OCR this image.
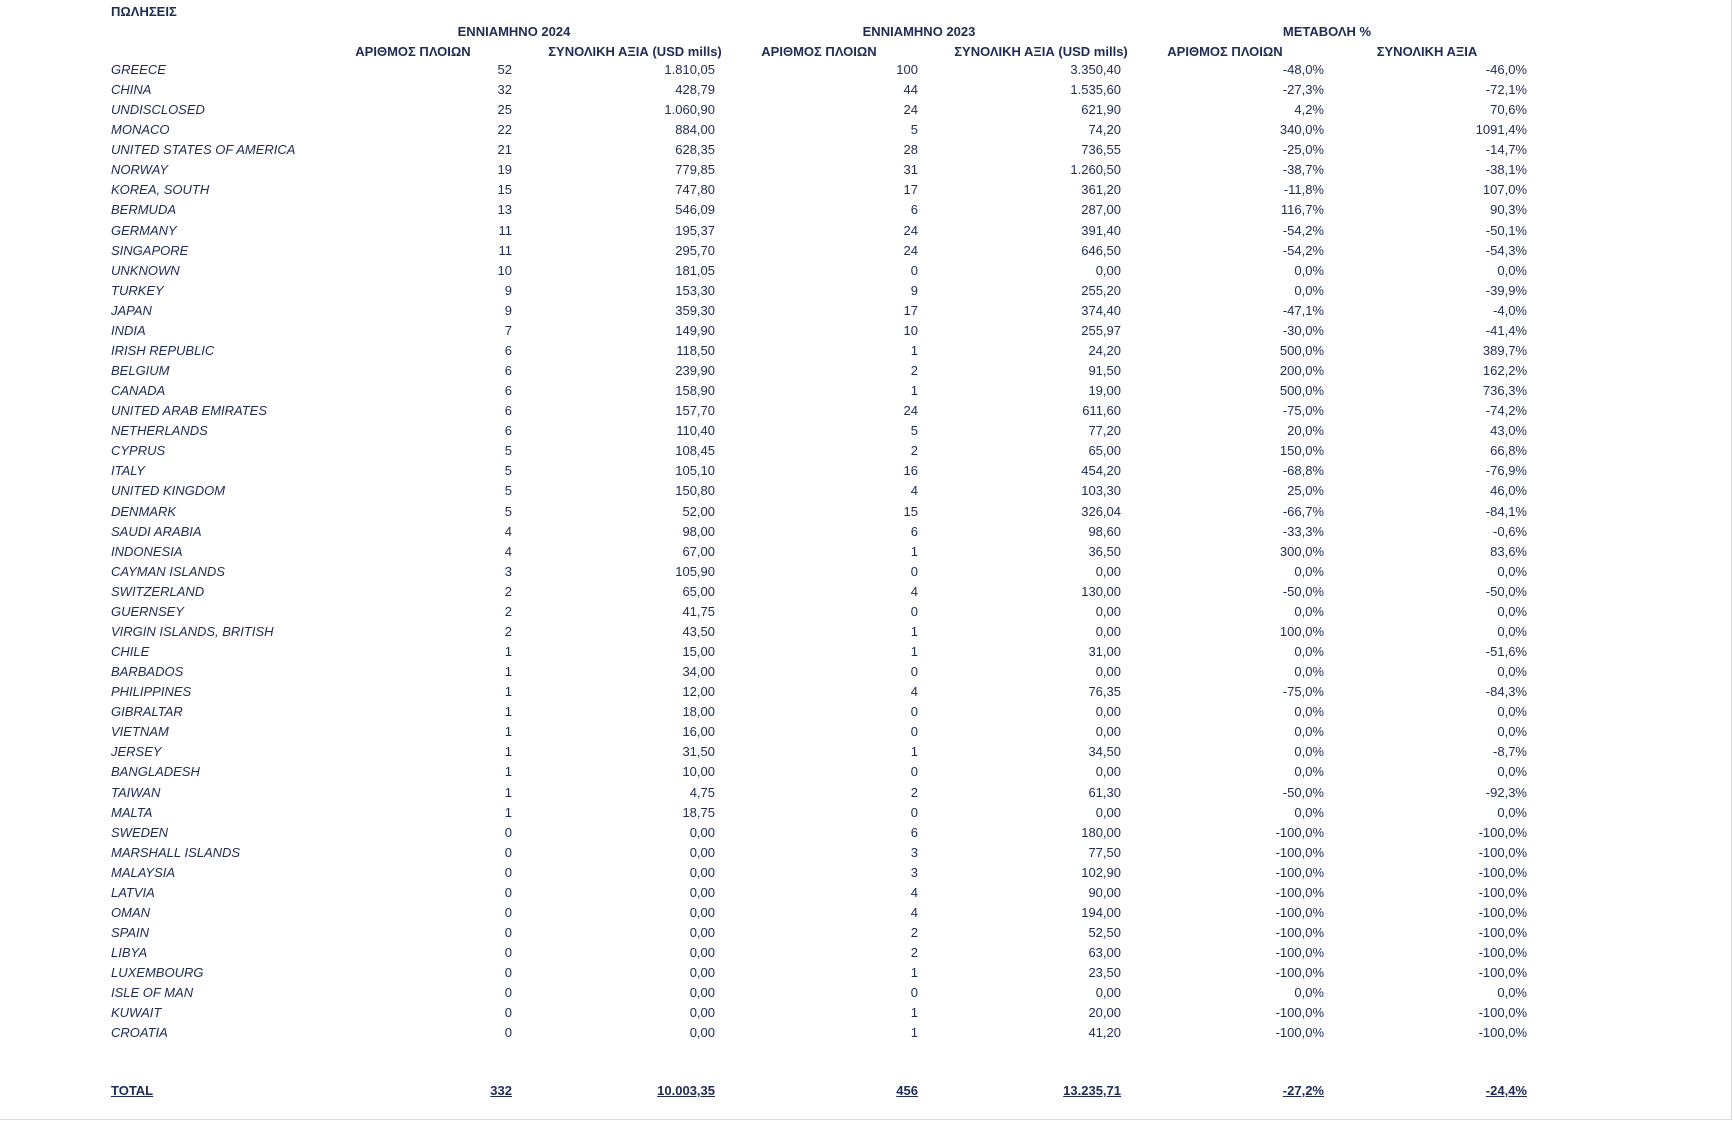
ΠΩΛΗΣΕΙΣ
ΕΝΝΙΑΜΗΝΟ 2024	ΕΝΝΙΑΜΗΝΟ 2023	ΜΕΤΑΒΟΛΗ %
ΑΡΙΘΜΟΣ ΠΛΟΙΩΝ	ΣΥΝΟΛΙΚΗ ΑΞΙΑ (USD mills)	ΑΡΙΘΜΟΣ ΠΛΟΙΩΝ	ΣΥΝΟΛΙΚΗ ΑΞΙΑ (USD mills)	ΑΡΙΘΜΟΣ ΠΛΟΙΩΝ	ΣΥΝΟΛΙΚΗ ΑΞΙΑ
GREECE	52	1.810,05	100	3.350,40	-48,0%	-46,0%
CHINA	32	428,79	44	1.535,60	-27,3%	-72,1%
UNDISCLOSED	25	1.060,90	24	621,90	4,2%	70,6%
MONACO	22	884,00	5	74,20	340,0%	1091,4%
UNITED STATES OF AMERICA	21	628,35	28	736,55	-25,0%	-14,7%
NORWAY	19	779,85	31	1.260,50	-38,7%	-38,1%
KOREA, SOUTH	15	747,80	17	361,20	-11,8%	107,0%
BERMUDA	13	546,09	6	287,00	116,7%	90,3%
GERMANY	11	195,37	24	391,40	-54,2%	-50,1%
SINGAPORE	11	295,70	24	646,50	-54,2%	-54,3%
UNKNOWN	10	181,05	0	0,00	0,0%	0,0%
TURKEY	9	153,30	9	255,20	0,0%	-39,9%
JAPAN	9	359,30	17	374,40	-47,1%	-4,0%
INDIA	7	149,90	10	255,97	-30,0%	-41,4%
IRISH REPUBLIC	6	118,50	1	24,20	500,0%	389,7%
BELGIUM	6	239,90	2	91,50	200,0%	162,2%
CANADA	6	158,90	1	19,00	500,0%	736,3%
UNITED ARAB EMIRATES	6	157,70	24	611,60	-75,0%	-74,2%
NETHERLANDS	6	110,40	5	77,20	20,0%	43,0%
CYPRUS	5	108,45	2	65,00	150,0%	66,8%
ITALY	5	105,10	16	454,20	-68,8%	-76,9%
UNITED KINGDOM	5	150,80	4	103,30	25,0%	46,0%
DENMARK	5	52,00	15	326,04	-66,7%	-84,1%
SAUDI ARABIA	4	98,00	6	98,60	-33,3%	-0,6%
INDONESIA	4	67,00	1	36,50	300,0%	83,6%
CAYMAN ISLANDS	3	105,90	0	0,00	0,0%	0,0%
SWITZERLAND	2	65,00	4	130,00	-50,0%	-50,0%
GUERNSEY	2	41,75	0	0,00	0,0%	0,0%
VIRGIN ISLANDS, BRITISH	2	43,50	1	0,00	100,0%	0,0%
CHILE	1	15,00	1	31,00	0,0%	-51,6%
BARBADOS	1	34,00	0	0,00	0,0%	0,0%
PHILIPPINES	1	12,00	4	76,35	-75,0%	-84,3%
GIBRALTAR	1	18,00	0	0,00	0,0%	0,0%
VIETNAM	1	16,00	0	0,00	0,0%	0,0%
JERSEY	1	31,50	1	34,50	0,0%	-8,7%
BANGLADESH	1	10,00	0	0,00	0,0%	0,0%
TAIWAN	1	4,75	2	61,30	-50,0%	-92,3%
MALTA	1	18,75	0	0,00	0,0%	0,0%
SWEDEN	0	0,00	6	180,00	-100,0%	-100,0%
MARSHALL ISLANDS	0	0,00	3	77,50	-100,0%	-100,0%
MALAYSIA	0	0,00	3	102,90	-100,0%	-100,0%
LATVIA	0	0,00	4	90,00	-100,0%	-100,0%
OMAN	0	0,00	4	194,00	-100,0%	-100,0%
SPAIN	0	0,00	2	52,50	-100,0%	-100,0%
LIBYA	0	0,00	2	63,00	-100,0%	-100,0%
LUXEMBOURG	0	0,00	1	23,50	-100,0%	-100,0%
ISLE OF MAN	0	0,00	0	0,00	0,0%	0,0%
KUWAIT	0	0,00	1	20,00	-100,0%	-100,0%
CROATIA	0	0,00	1	41,20	-100,0%	-100,0%
TOTAL	332	10.003,35	456	13.235,71	-27,2%	-24,4%
